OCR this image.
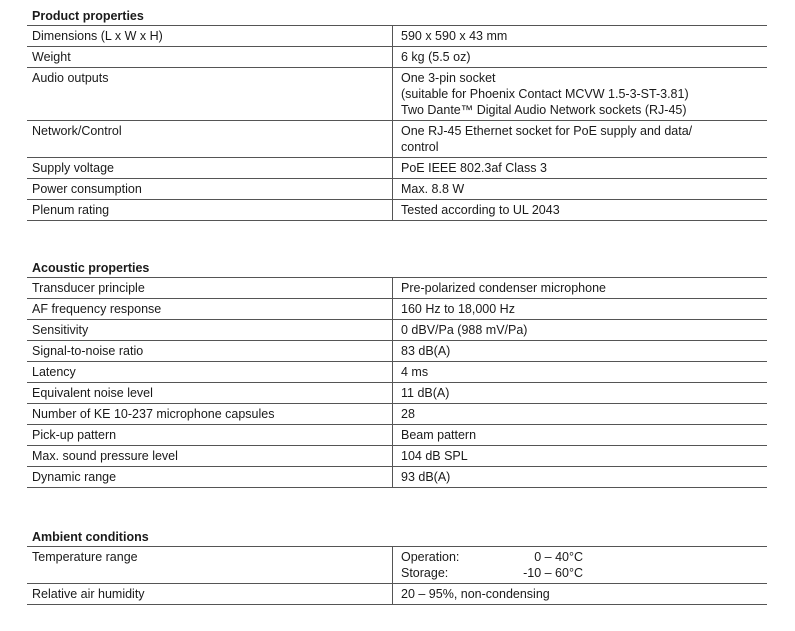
Product properties
Dimensions (L x W x H)	590 x 590 x 43 mm
Weight	6 kg (5.5 oz)
Audio outputs	One 3-pin socket
(suitable for Phoenix Contact MCVW 1.5-3-ST-3.81)
Two Dante™ Digital Audio Network sockets (RJ-45)
Network/Control	One RJ-45 Ethernet socket for PoE supply and data/
control
Supply voltage	PoE IEEE 802.3af Class 3
Power consumption	Max. 8.8 W
Plenum rating	Tested according to UL 2043
Acoustic properties
Transducer principle	Pre-polarized condenser microphone
AF frequency response	160 Hz to 18,000 Hz
Sensitivity	0 dBV/Pa (988 mV/Pa)
Signal-to-noise ratio	83 dB(A)
Latency	4 ms
Equivalent noise level	11 dB(A)
Number of KE 10-237 microphone capsules	28
Pick-up pattern	Beam pattern
Max. sound pressure level	104 dB SPL
Dynamic range	93 dB(A)
Ambient conditions
Temperature range	Operation:	0 – 40°C
Storage:	-10 – 60°C
Relative air humidity	20 – 95%, non-condensing
